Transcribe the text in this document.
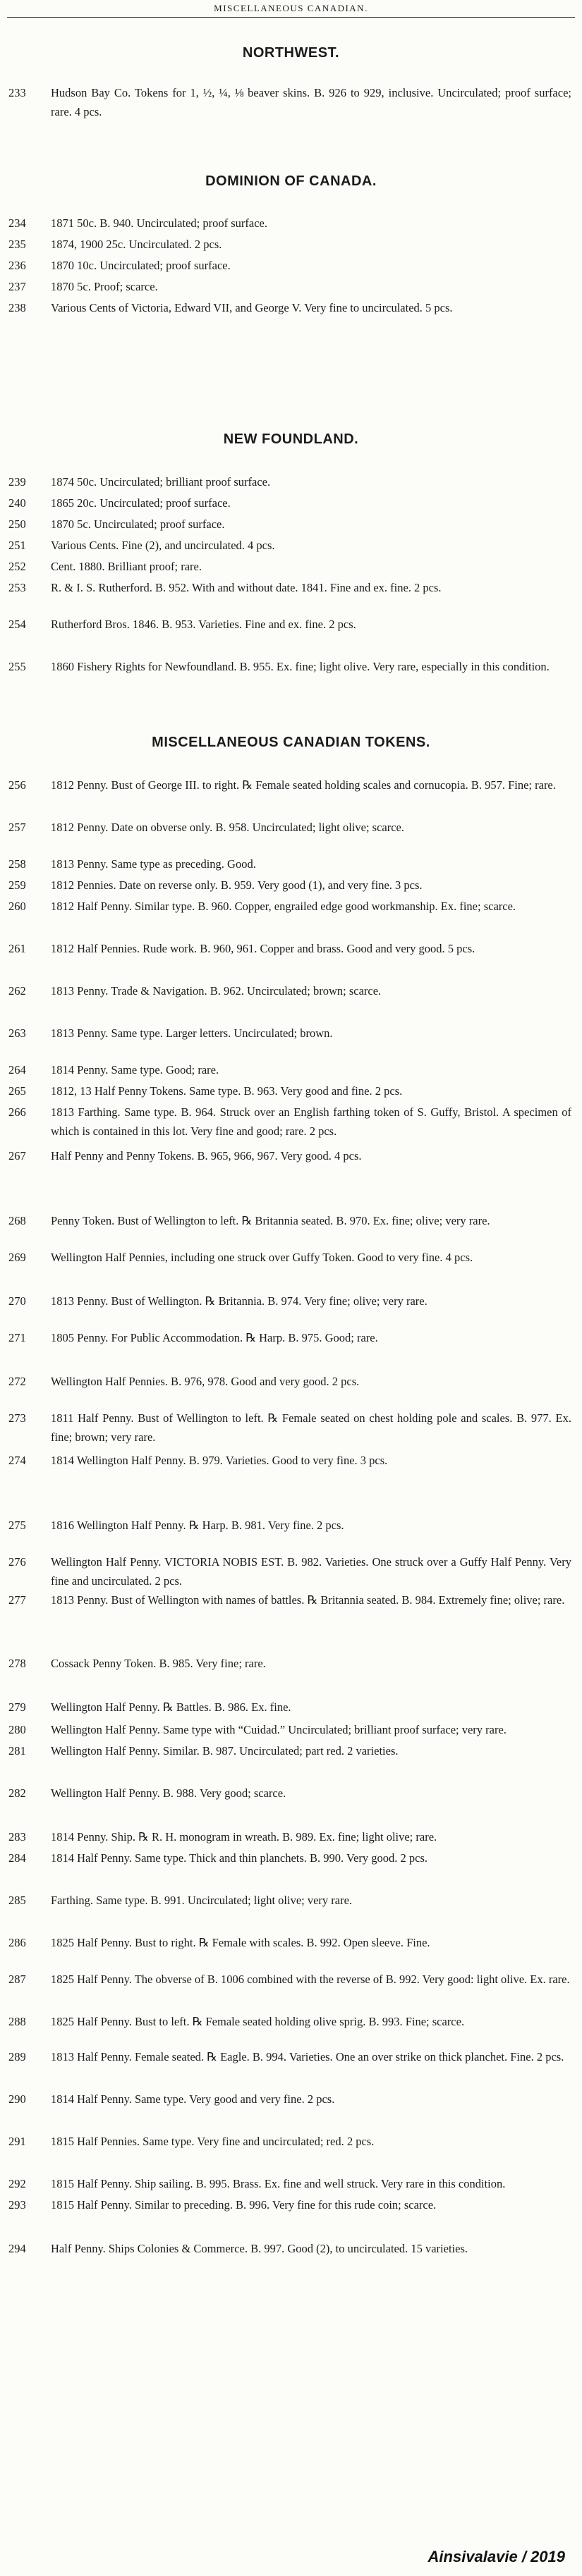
MISCELLANEOUS CANADIAN.
NORTHWEST.
233	Hudson Bay Co. Tokens for 1, ½, ¼, ⅛ beaver skins. B. 926 to 929, inclusive. Uncirculated; proof surface; rare. 4 pcs.
DOMINION OF CANADA.
234	1871 50c. B. 940. Uncirculated; proof surface.
235	1874, 1900 25c. Uncirculated. 2 pcs.
236	1870 10c. Uncirculated; proof surface.
237	1870 5c. Proof; scarce.
238	Various Cents of Victoria, Edward VII, and George V. Very fine to uncirculated. 5 pcs.
NEW FOUNDLAND.
239	1874 50c. Uncirculated; brilliant proof surface.
240	1865 20c. Uncirculated; proof surface.
250	1870 5c. Uncirculated; proof surface.
251	Various Cents. Fine (2), and uncirculated. 4 pcs.
252	Cent. 1880. Brilliant proof; rare.
253	R. & I. S. Rutherford. B. 952. With and without date. 1841. Fine and ex. fine. 2 pcs.
254	Rutherford Bros. 1846. B. 953. Varieties. Fine and ex. fine. 2 pcs.
255	1860 Fishery Rights for Newfoundland. B. 955. Ex. fine; light olive. Very rare, especially in this condition.
MISCELLANEOUS CANADIAN TOKENS.
256	1812 Penny. Bust of George III. to right. ℞ Female seated holding scales and cornucopia. B. 957. Fine; rare.
257	1812 Penny. Date on obverse only. B. 958. Uncirculated; light olive; scarce.
258	1813 Penny. Same type as preceding. Good.
259	1812 Pennies. Date on reverse only. B. 959. Very good (1), and very fine. 3 pcs.
260	1812 Half Penny. Similar type. B. 960. Copper, engrailed edge good workmanship. Ex. fine; scarce.
261	1812 Half Pennies. Rude work. B. 960, 961. Copper and brass. Good and very good. 5 pcs.
262	1813 Penny. Trade & Navigation. B. 962. Uncirculated; brown; scarce.
263	1813 Penny. Same type. Larger letters. Uncirculated; brown.
264	1814 Penny. Same type. Good; rare.
265	1812, 13 Half Penny Tokens. Same type. B. 963. Very good and fine. 2 pcs.
266	1813 Farthing. Same type. B. 964. Struck over an English farthing token of S. Guffy, Bristol. A specimen of which is contained in this lot. Very fine and good; rare. 2 pcs.
267	Half Penny and Penny Tokens. B. 965, 966, 967. Very good. 4 pcs.
268	Penny Token. Bust of Wellington to left. ℞ Britannia seated. B. 970. Ex. fine; olive; very rare.
269	Wellington Half Pennies, including one struck over Guffy Token. Good to very fine. 4 pcs.
270	1813 Penny. Bust of Wellington. ℞ Britannia. B. 974. Very fine; olive; very rare.
271	1805 Penny. For Public Accommodation. ℞ Harp. B. 975. Good; rare.
272	Wellington Half Pennies. B. 976, 978. Good and very good. 2 pcs.
273	1811 Half Penny. Bust of Wellington to left. ℞ Female seated on chest holding pole and scales. B. 977. Ex. fine; brown; very rare.
274	1814 Wellington Half Penny. B. 979. Varieties. Good to very fine. 3 pcs.
275	1816 Wellington Half Penny. ℞ Harp. B. 981. Very fine. 2 pcs.
276	Wellington Half Penny. VICTORIA NOBIS EST. B. 982. Varieties. One struck over a Guffy Half Penny. Very fine and uncirculated. 2 pcs.
277	1813 Penny. Bust of Wellington with names of battles. ℞ Britannia seated. B. 984. Extremely fine; olive; rare.
278	Cossack Penny Token. B. 985. Very fine; rare.
279	Wellington Half Penny. ℞ Battles. B. 986. Ex. fine.
280	Wellington Half Penny. Same type with “Cuidad.” Uncirculated; brilliant proof surface; very rare.
281	Wellington Half Penny. Similar. B. 987. Uncirculated; part red. 2 varieties.
282	Wellington Half Penny. B. 988. Very good; scarce.
283	1814 Penny. Ship. ℞ R. H. monogram in wreath. B. 989. Ex. fine; light olive; rare.
284	1814 Half Penny. Same type. Thick and thin planchets. B. 990. Very good. 2 pcs.
285	Farthing. Same type. B. 991. Uncirculated; light olive; very rare.
286	1825 Half Penny. Bust to right. ℞ Female with scales. B. 992. Open sleeve. Fine.
287	1825 Half Penny. The obverse of B. 1006 combined with the reverse of B. 992. Very good: light olive. Ex. rare.
288	1825 Half Penny. Bust to left. ℞ Female seated holding olive sprig. B. 993. Fine; scarce.
289	1813 Half Penny. Female seated. ℞ Eagle. B. 994. Varieties. One an over strike on thick planchet. Fine. 2 pcs.
290	1814 Half Penny. Same type. Very good and very fine. 2 pcs.
291	1815 Half Pennies. Same type. Very fine and uncirculated; red. 2 pcs.
292	1815 Half Penny. Ship sailing. B. 995. Brass. Ex. fine and well struck. Very rare in this condition.
293	1815 Half Penny. Similar to preceding. B. 996. Very fine for this rude coin; scarce.
294	Half Penny. Ships Colonies & Commerce. B. 997. Good (2), to uncirculated. 15 varieties.
Ainsivalavie / 2019
